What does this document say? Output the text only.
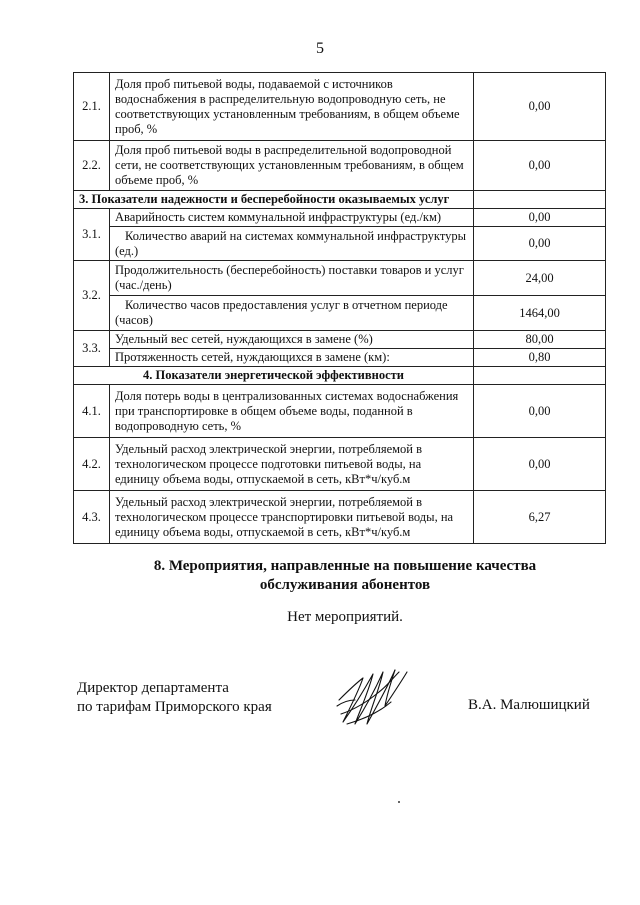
5
2.1.	Доля проб питьевой воды, подаваемой с источников водоснабжения в распределительную водопроводную сеть, не соответствующих установленным требованиям, в общем объеме проб, %	0,00
2.2.	Доля проб питьевой воды в распределительной водопроводной сети, не соответствующих установленным требованиям, в общем объеме проб, %	0,00
3. Показатели надежности и бесперебойности оказываемых услуг		
3.1.	Аварийность систем коммунальной инфраструктуры (ед./км)	0,00
	Количество аварий на системах коммунальной инфраструктуры (ед.)	0,00
3.2.	Продолжительность (бесперебойность) поставки товаров и услуг (час./день)	24,00
	Количество часов предоставления услуг в отчетном периоде (часов)	1464,00
3.3.	Удельный вес сетей, нуждающихся в замене (%)	80,00
	Протяженность сетей, нуждающихся в замене (км):	0,80
4. Показатели энергетической эффективности		
4.1.	Доля потерь воды в централизованных системах водоснабжения при транспортировке в общем объеме воды, поданной в водопроводную сеть, %	0,00
4.2.	Удельный расход электрической энергии, потребляемой в технологическом процессе подготовки питьевой воды, на единицу объема воды, отпускаемой в сеть, кВт*ч/куб.м	0,00
4.3.	Удельный расход электрической энергии, потребляемой в технологическом процессе транспортировки питьевой воды, на единицу объема воды, отпускаемой в сеть, кВт*ч/куб.м	6,27
8. Мероприятия, направленные на повышение качества
обслуживания абонентов
Нет мероприятий.
Директор департамента
по тарифам Приморского края	В.А. Малюшицкий
